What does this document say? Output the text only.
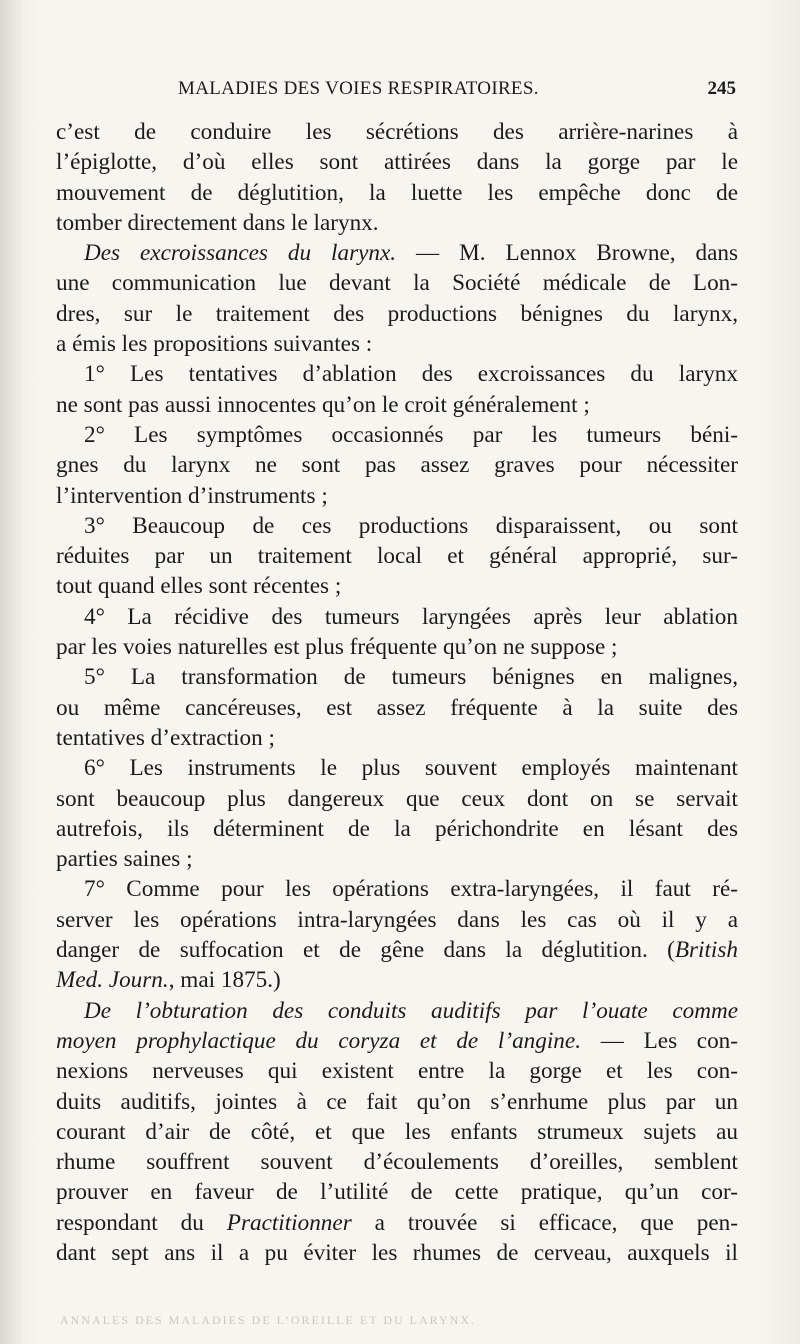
MALADIES DES VOIES RESPIRATOIRES.	245
c’est de conduire les sécrétions des arrière-narines à
l’épiglotte, d’où elles sont attirées dans la gorge par le
mouvement de déglutition, la luette les empêche donc de
tomber directement dans le larynx.
Des excroissances du larynx. — M. Lennox Browne, dans
une communication lue devant la Société médicale de Lon-
dres, sur le traitement des productions bénignes du larynx,
a émis les propositions suivantes :
1° Les tentatives d’ablation des excroissances du larynx
ne sont pas aussi innocentes qu’on le croit généralement ;
2° Les symptômes occasionnés par les tumeurs béni-
gnes du larynx ne sont pas assez graves pour nécessiter
l’intervention d’instruments ;
3° Beaucoup de ces productions disparaissent, ou sont
réduites par un traitement local et général approprié, sur-
tout quand elles sont récentes ;
4° La récidive des tumeurs laryngées après leur ablation
par les voies naturelles est plus fréquente qu’on ne suppose ;
5° La transformation de tumeurs bénignes en malignes,
ou même cancéreuses, est assez fréquente à la suite des
tentatives d’extraction ;
6° Les instruments le plus souvent employés maintenant
sont beaucoup plus dangereux que ceux dont on se servait
autrefois, ils déterminent de la périchondrite en lésant des
parties saines ;
7° Comme pour les opérations extra-laryngées, il faut ré-
server les opérations intra-laryngées dans les cas où il y a
danger de suffocation et de gêne dans la déglutition. (British
Med. Journ., mai 1875.)
De l’obturation des conduits auditifs par l’ouate comme
moyen prophylactique du coryza et de l’angine. — Les con-
nexions nerveuses qui existent entre la gorge et les con-
duits auditifs, jointes à ce fait qu’on s’enrhume plus par un
courant d’air de côté, et que les enfants strumeux sujets au
rhume souffrent souvent d’écoulements d’oreilles, semblent
prouver en faveur de l’utilité de cette pratique, qu’un cor-
respondant du Practitionner a trouvée si efficace, que pen-
dant sept ans il a pu éviter les rhumes de cerveau, auxquels il
ANNALES DES MALADIES DE L’OREILLE ET DU LARYNX.
